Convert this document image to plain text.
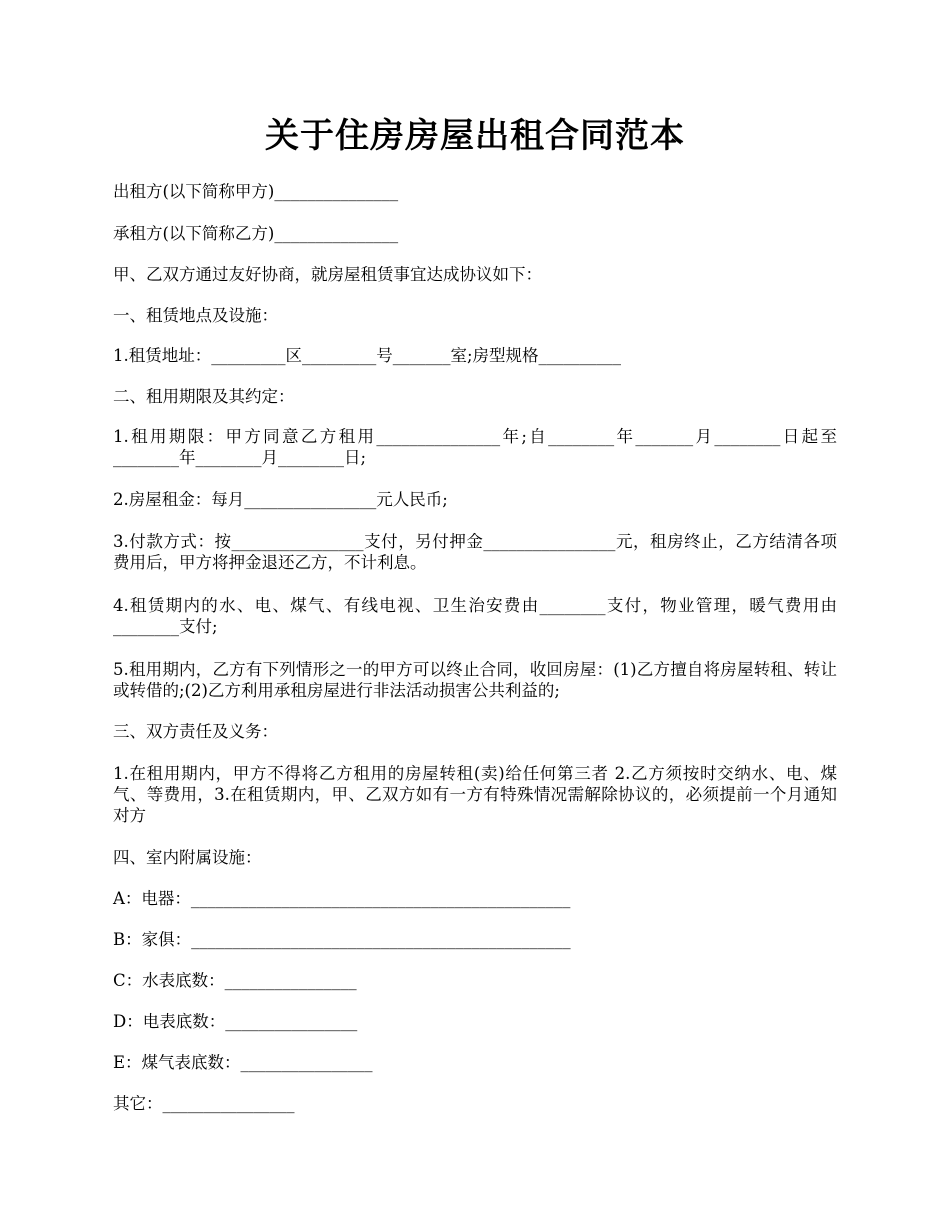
关于住房房屋出租合同范本

出租方(以下简称甲方)_______________

承租方(以下简称乙方)_______________

甲、乙双方通过友好协商，就房屋租赁事宜达成协议如下：

一、租赁地点及设施：

1.租赁地址：_________区_________号_______室;房型规格__________

二、租用期限及其约定：

1.租用期限：甲方同意乙方租用_______________年;自________年_______月________日起至________年________月________日;

2.房屋租金：每月________________元人民币;

3.付款方式：按________________支付，另付押金________________元，租房终止，乙方结清各项费用后，甲方将押金退还乙方，不计利息。

4.租赁期内的水、电、煤气、有线电视、卫生治安费由________支付，物业管理，暖气费用由________支付;

5.租用期内，乙方有下列情形之一的甲方可以终止合同，收回房屋：(1)乙方擅自将房屋转租、转让或转借的;(2)乙方利用承租房屋进行非法活动损害公共利益的;

三、双方责任及义务：

1.在租用期内，甲方不得将乙方租用的房屋转租(卖)给任何第三者 2.乙方须按时交纳水、电、煤气、等费用，3.在租赁期内，甲、乙双方如有一方有特殊情况需解除协议的，必须提前一个月通知对方

四、室内附属设施：

A：电器：______________________________________________

B：家俱：______________________________________________

C：水表底数：________________

D：电表底数：________________

E：煤气表底数：________________

其它：________________
